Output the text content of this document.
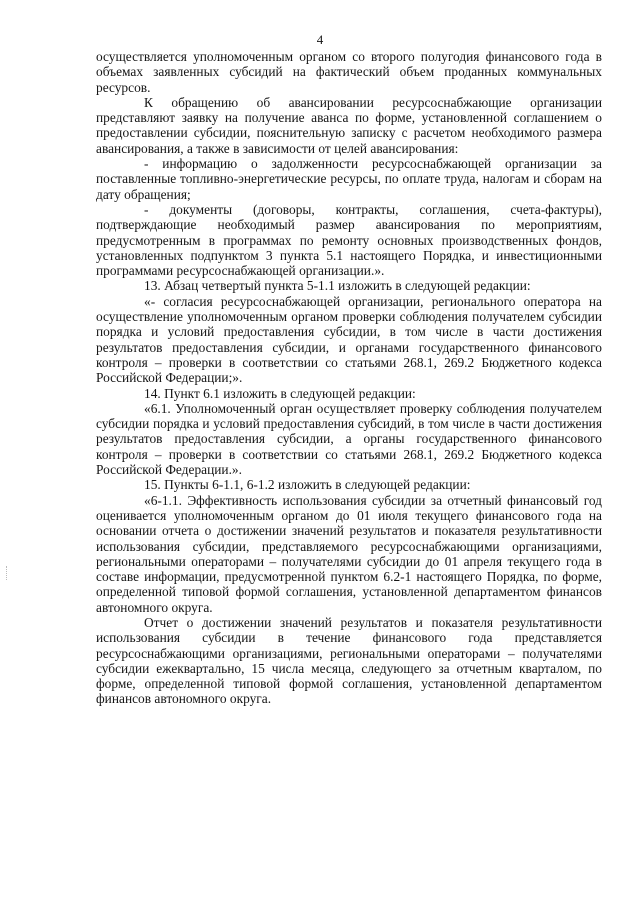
4

осуществляется уполномоченным органом со второго полугодия финансового года в объемах заявленных субсидий на фактический объем проданных коммунальных ресурсов.

К обращению об авансировании ресурсоснабжающие организации представляют заявку на получение аванса по форме, установленной соглашением о предоставлении субсидии, пояснительную записку с расчетом необходимого размера авансирования, а также в зависимости от целей авансирования:

- информацию о задолженности ресурсоснабжающей организации за поставленные топливно-энергетические ресурсы, по оплате труда, налогам и сборам на дату обращения;

- документы (договоры, контракты, соглашения, счета-фактуры), подтверждающие необходимый размер авансирования по мероприятиям, предусмотренным в программах по ремонту основных производственных фондов, установленных подпунктом 3 пункта 5.1 настоящего Порядка, и инвестиционными программами ресурсоснабжающей организации.».

13. Абзац четвертый пункта 5-1.1 изложить в следующей редакции:

«- согласия ресурсоснабжающей организации, регионального оператора на осуществление уполномоченным органом проверки соблюдения получателем субсидии порядка и условий предоставления субсидии, в том числе в части достижения результатов предоставления субсидии, и органами государственного финансового контроля – проверки в соответствии со статьями 268.1, 269.2 Бюджетного кодекса Российской Федерации;».

14. Пункт 6.1 изложить в следующей редакции:

«6.1. Уполномоченный орган осуществляет проверку соблюдения получателем субсидии порядка и условий предоставления субсидий, в том числе в части достижения результатов предоставления субсидии, а органы государственного финансового контроля – проверки в соответствии со статьями 268.1, 269.2 Бюджетного кодекса Российской Федерации.».

15. Пункты 6-1.1, 6-1.2 изложить в следующей редакции:

«6-1.1. Эффективность использования субсидии за отчетный финансовый год оценивается уполномоченным органом до 01 июля текущего финансового года на основании отчета о достижении значений результатов и показателя результативности использования субсидии, представляемого ресурсоснабжающими организациями, региональными операторами – получателями субсидии до 01 апреля текущего года в составе информации, предусмотренной пунктом 6.2-1 настоящего Порядка, по форме, определенной типовой формой соглашения, установленной департаментом финансов автономного округа.

Отчет о достижении значений результатов и показателя результативности использования субсидии в течение финансового года представляется ресурсоснабжающими организациями, региональными операторами – получателями субсидии ежеквартально, 15 числа месяца, следующего за отчетным кварталом, по форме, определенной типовой формой соглашения, установленной департаментом финансов автономного округа.
